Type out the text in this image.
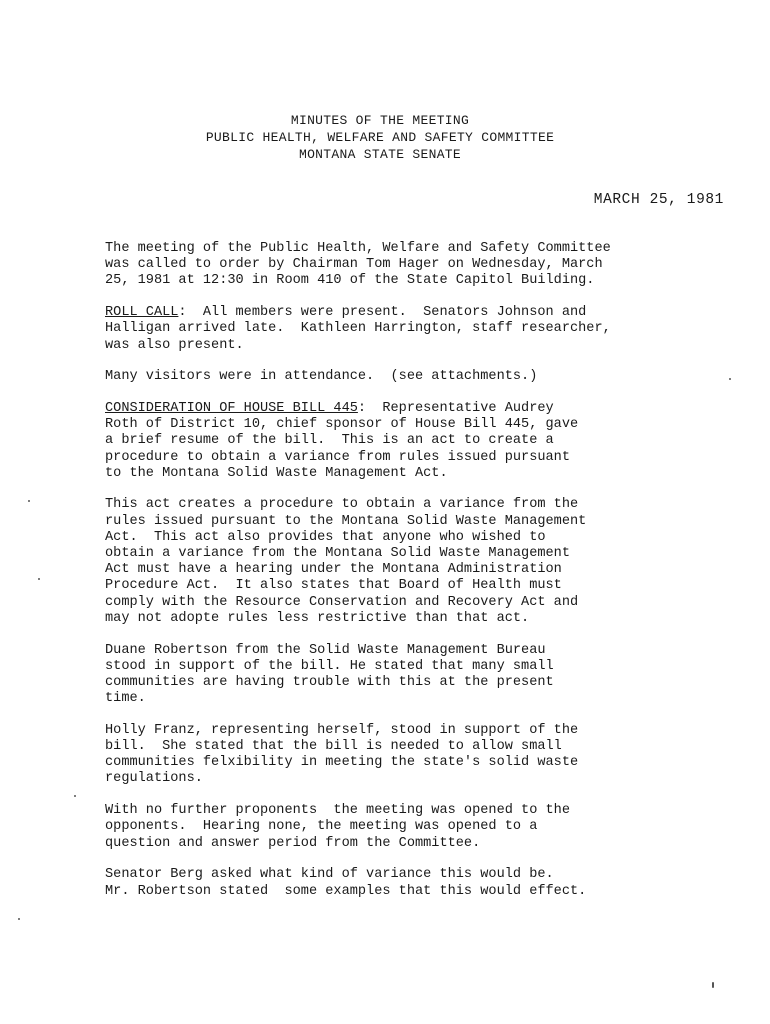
MINUTES OF THE MEETING
PUBLIC HEALTH, WELFARE AND SAFETY COMMITTEE
MONTANA STATE SENATE
MARCH 25, 1981
The meeting of the Public Health, Welfare and Safety Committee
was called to order by Chairman Tom Hager on Wednesday, March
25, 1981 at 12:30 in Room 410 of the State Capitol Building.
ROLL CALL:  All members were present.  Senators Johnson and
Halligan arrived late.  Kathleen Harrington, staff researcher,
was also present.
Many visitors were in attendance.  (see attachments.)
CONSIDERATION OF HOUSE BILL 445:  Representative Audrey
Roth of District 10, chief sponsor of House Bill 445, gave
a brief resume of the bill.  This is an act to create a
procedure to obtain a variance from rules issued pursuant
to the Montana Solid Waste Management Act.
This act creates a procedure to obtain a variance from the
rules issued pursuant to the Montana Solid Waste Management
Act.  This act also provides that anyone who wished to
obtain a variance from the Montana Solid Waste Management
Act must have a hearing under the Montana Administration
Procedure Act.  It also states that Board of Health must
comply with the Resource Conservation and Recovery Act and
may not adopte rules less restrictive than that act.
Duane Robertson from the Solid Waste Management Bureau
stood in support of the bill. He stated that many small
communities are having trouble with this at the present
time.
Holly Franz, representing herself, stood in support of the
bill.  She stated that the bill is needed to allow small
communities felxibility in meeting the state's solid waste
regulations.
With no further proponents  the meeting was opened to the
opponents.  Hearing none, the meeting was opened to a
question and answer period from the Committee.
Senator Berg asked what kind of variance this would be.
Mr. Robertson stated  some examples that this would effect.
